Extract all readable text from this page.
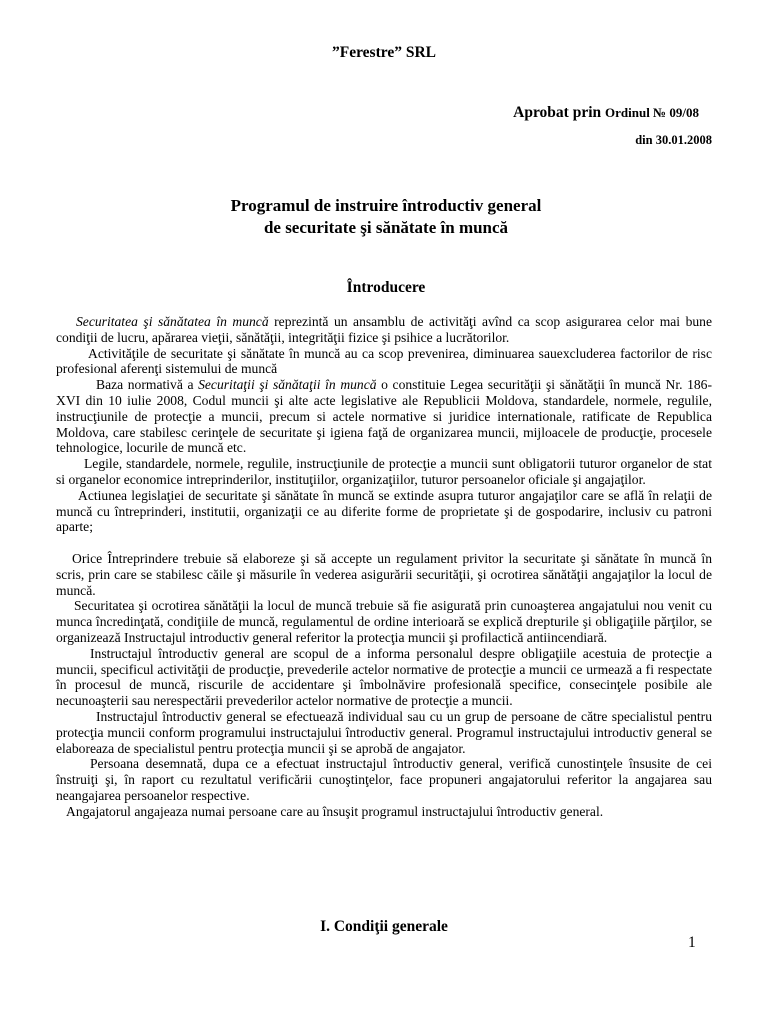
”Ferestre” SRL
Aprobat prin Ordinul № 09/08
din 30.01.2008
Programul de instruire întroductiv general
de securitate şi sănătate în muncă
Întroducere

Securitatea şi sănătatea în muncă reprezintă un ansamblu de activităţi avînd ca scop asigurarea celor mai bune condiţii de lucru, apărarea vieţii, sănătăţii, integrităţii fizice şi psihice a lucrătorilor.

Activităţile de securitate şi sănătate în muncă au ca scop prevenirea, diminuarea sauexcluderea factorilor de risc profesional aferenţi sistemului de muncă

Baza normativă a Securitaţii şi sănătaţii în muncă o constituie Legea securităţii şi sănătăţii în muncă Nr. 186-XVI din 10 iulie 2008, Codul muncii şi alte acte legislative ale Republicii Moldova, standardele, normele, regulile, instrucţiunile de protecţie a muncii, precum si actele normative si juridice internationale, ratificate de Republica Moldova, care stabilesc cerinţele de securitate şi igiena faţă de organizarea muncii, mijloacele de producţie, procesele tehnologice, locurile de muncă etc.

Legile, standardele, normele, regulile, instrucţiunile de protecţie a muncii sunt obligatorii tuturor organelor de stat si organelor economice intreprinderilor, instituţiilor, organizaţiilor, tuturor persoanelor oficiale şi angajaţilor.

Actiunea legislaţiei de securitate şi sănătate în muncă se extinde asupra tuturor angajaţilor care se află în relaţii de muncă cu întreprinderi, institutii, organizaţii ce au diferite forme de proprietate şi de gospodarire, inclusiv cu patroni aparte;

Orice Întreprindere trebuie să elaboreze şi să accepte un regulament privitor la securitate şi sănătate în muncă în scris, prin care se stabilesc căile şi măsurile în vederea asigurării securităţii, şi ocrotirea sănătăţii angajaţilor la locul de muncă.

Securitatea şi ocrotirea sănătăţii la locul de muncă trebuie să fie asigurată prin cunoaşterea angajatului nou venit cu munca încredinţată, condiţiile de muncă, regulamentul de ordine interioară se explică drepturile şi obligaţiile părţilor, se organizează Instructajul introductiv general referitor la protecţia muncii şi profilactică antiincendiară.

Instructajul întroductiv general are scopul de a informa personalul despre obligaţiile acestuia de protecţie a muncii, specificul activităţii de producţie, prevederile actelor normative de protecţie a muncii ce urmează a fi respectate în procesul de muncă, riscurile de accidentare şi îmbolnăvire profesională specifice, consecinţele posibile ale necunoaşterii sau nerespectării prevederilor actelor normative de protecţie a muncii.

Instructajul întroductiv general se efectuează individual sau cu un grup de persoane de către specialistul pentru protecţia muncii conform programului instructajului întroductiv general. Programul instructajului introductiv general se elaboreaza de specialistul pentru protecţia muncii şi se aprobă de angajator.

Persoana desemnată, dupa ce a efectuat instructajul întroductiv general, verifică cunostinţele însusite de cei înstruiţi şi, în raport cu rezultatul verificării cunoştinţelor, face propuneri angajatorului referitor la angajarea sau neangajarea persoanelor respective.

Angajatorul angajeaza numai persoane care au însuşit programul instructajului întroductiv general.

I. Condiţii generale
1
